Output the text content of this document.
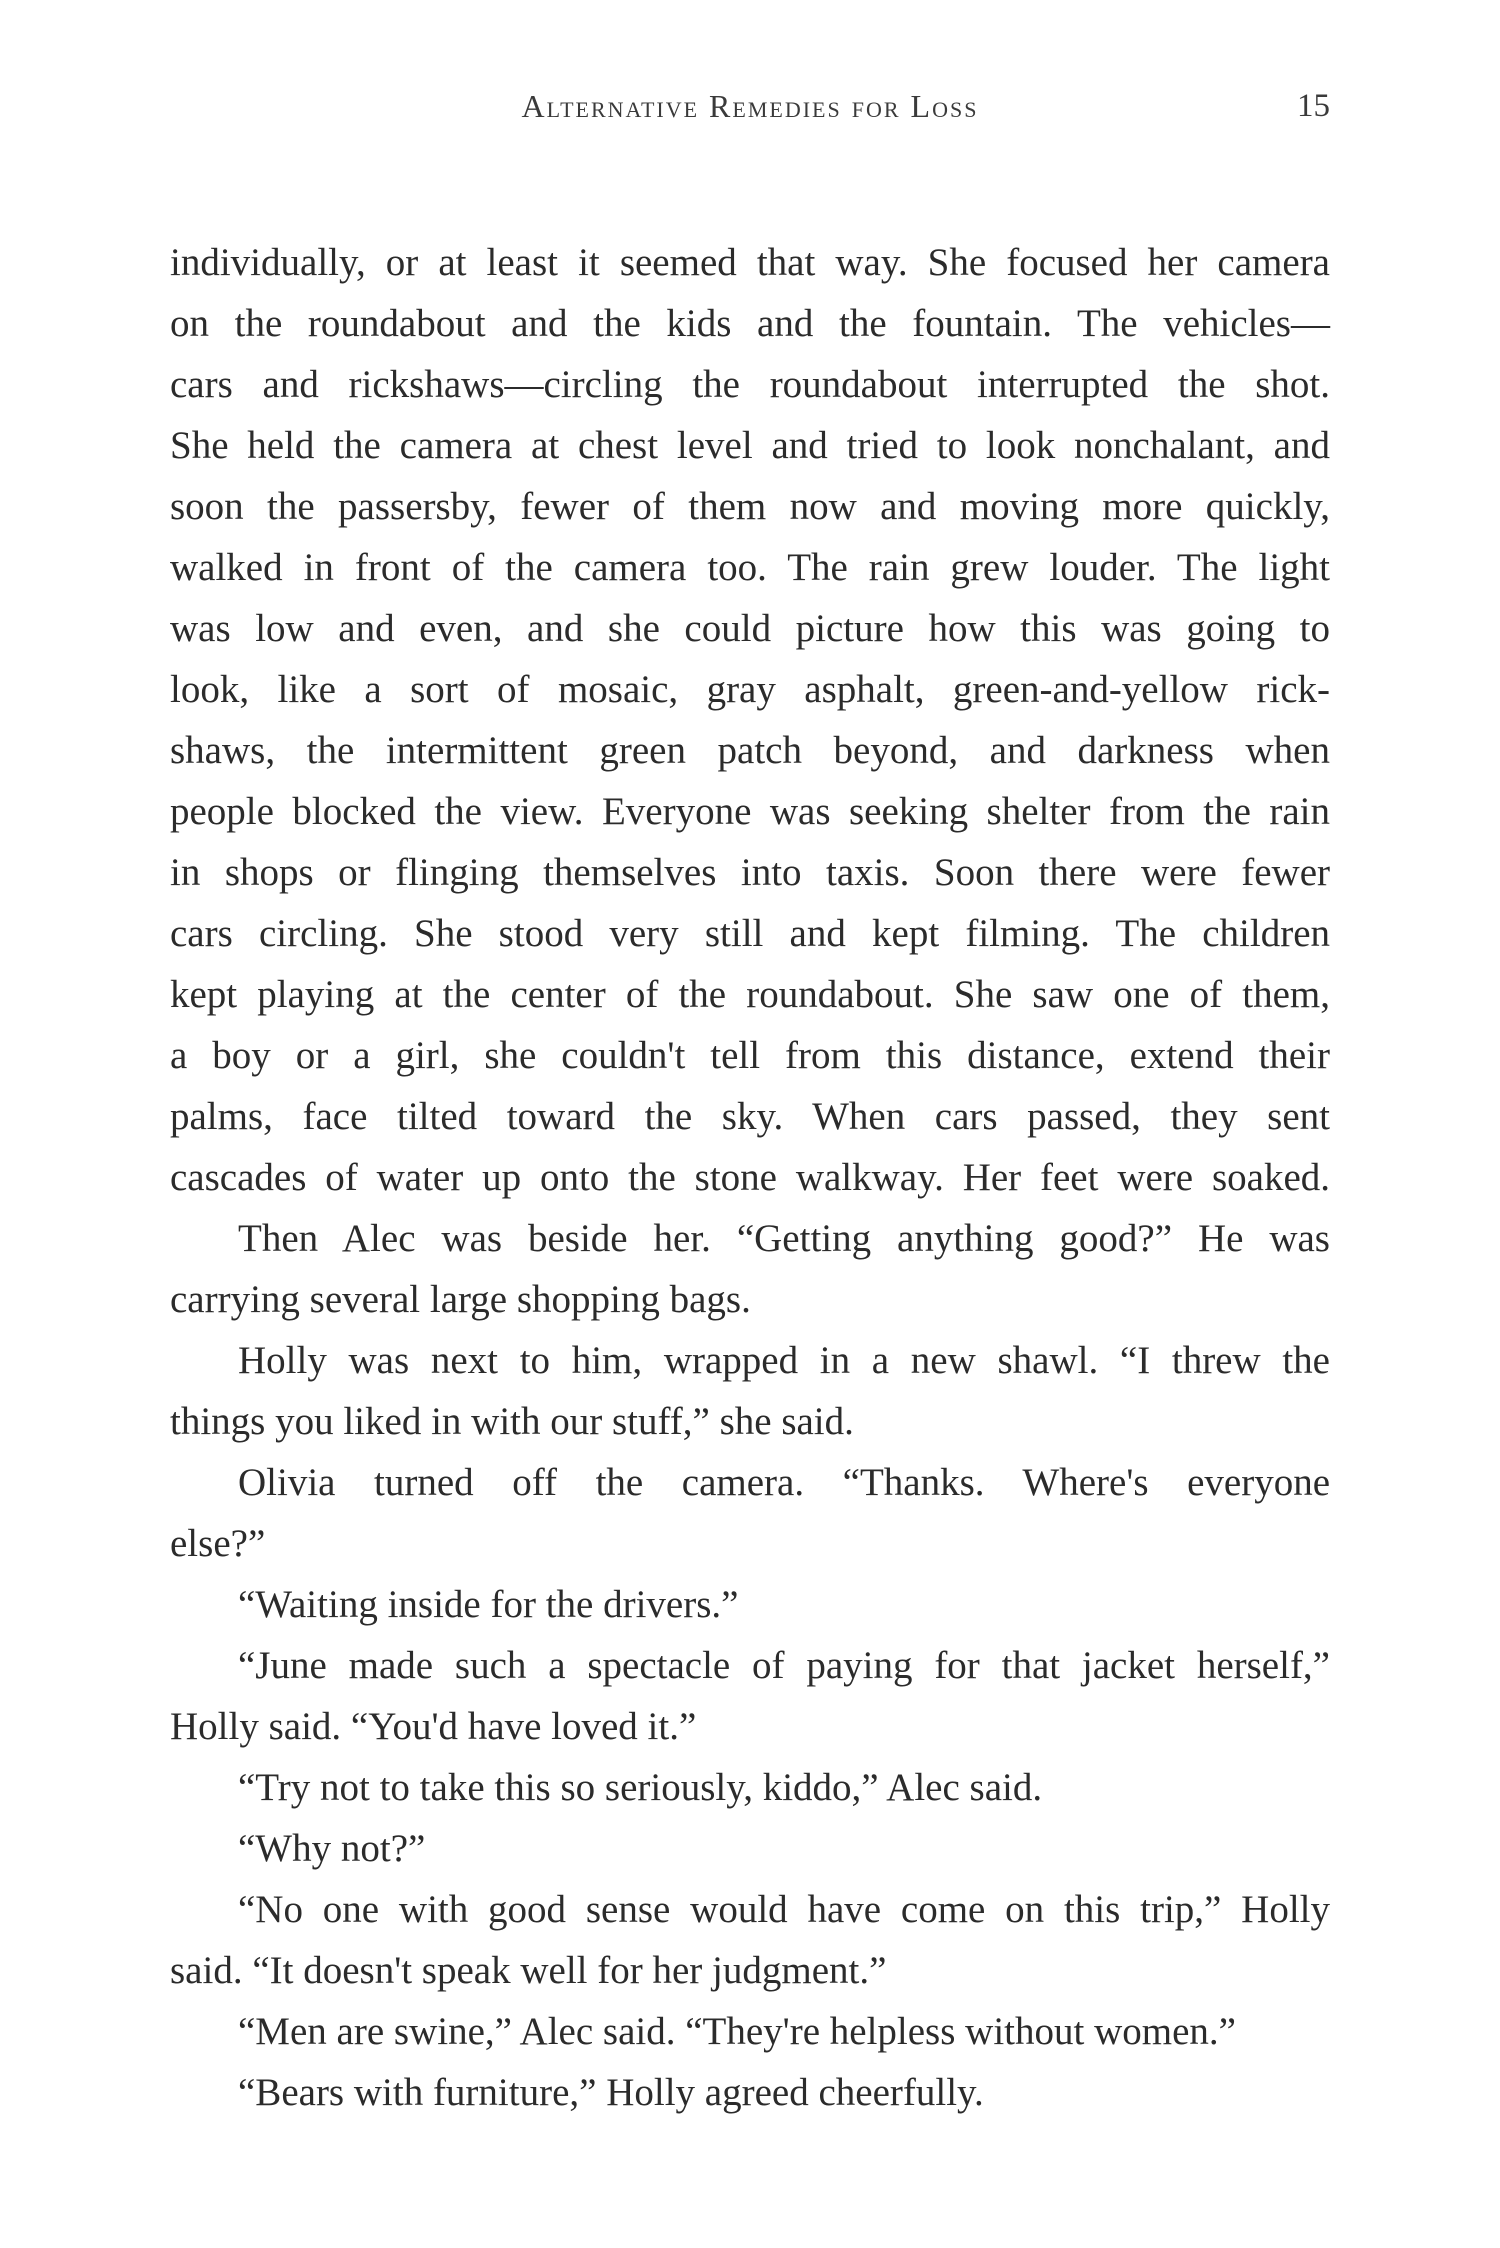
Alternative Remedies for Loss	15
individually, or at least it seemed that way. She focused her camera
on the roundabout and the kids and the fountain. The vehicles—
cars and rickshaws—circling the roundabout interrupted the shot.
She held the camera at chest level and tried to look nonchalant, and
soon the passersby, fewer of them now and moving more quickly,
walked in front of the camera too. The rain grew louder. The light
was low and even, and she could picture how this was going to
look, like a sort of mosaic, gray asphalt, green-and-yellow rick-
shaws, the intermittent green patch beyond, and darkness when
people blocked the view. Everyone was seeking shelter from the rain
in shops or flinging themselves into taxis. Soon there were fewer
cars circling. She stood very still and kept filming. The children
kept playing at the center of the roundabout. She saw one of them,
a boy or a girl, she couldn't tell from this distance, extend their
palms, face tilted toward the sky. When cars passed, they sent
cascades of water up onto the stone walkway. Her feet were soaked.
Then Alec was beside her. “Getting anything good?” He was
carrying several large shopping bags.
Holly was next to him, wrapped in a new shawl. “I threw the
things you liked in with our stuff,” she said.
Olivia turned off the camera. “Thanks. Where's everyone
else?”
“Waiting inside for the drivers.”
“June made such a spectacle of paying for that jacket herself,”
Holly said. “You'd have loved it.”
“Try not to take this so seriously, kiddo,” Alec said.
“Why not?”
“No one with good sense would have come on this trip,” Holly
said. “It doesn't speak well for her judgment.”
“Men are swine,” Alec said. “They're helpless without women.”
“Bears with furniture,” Holly agreed cheerfully.
